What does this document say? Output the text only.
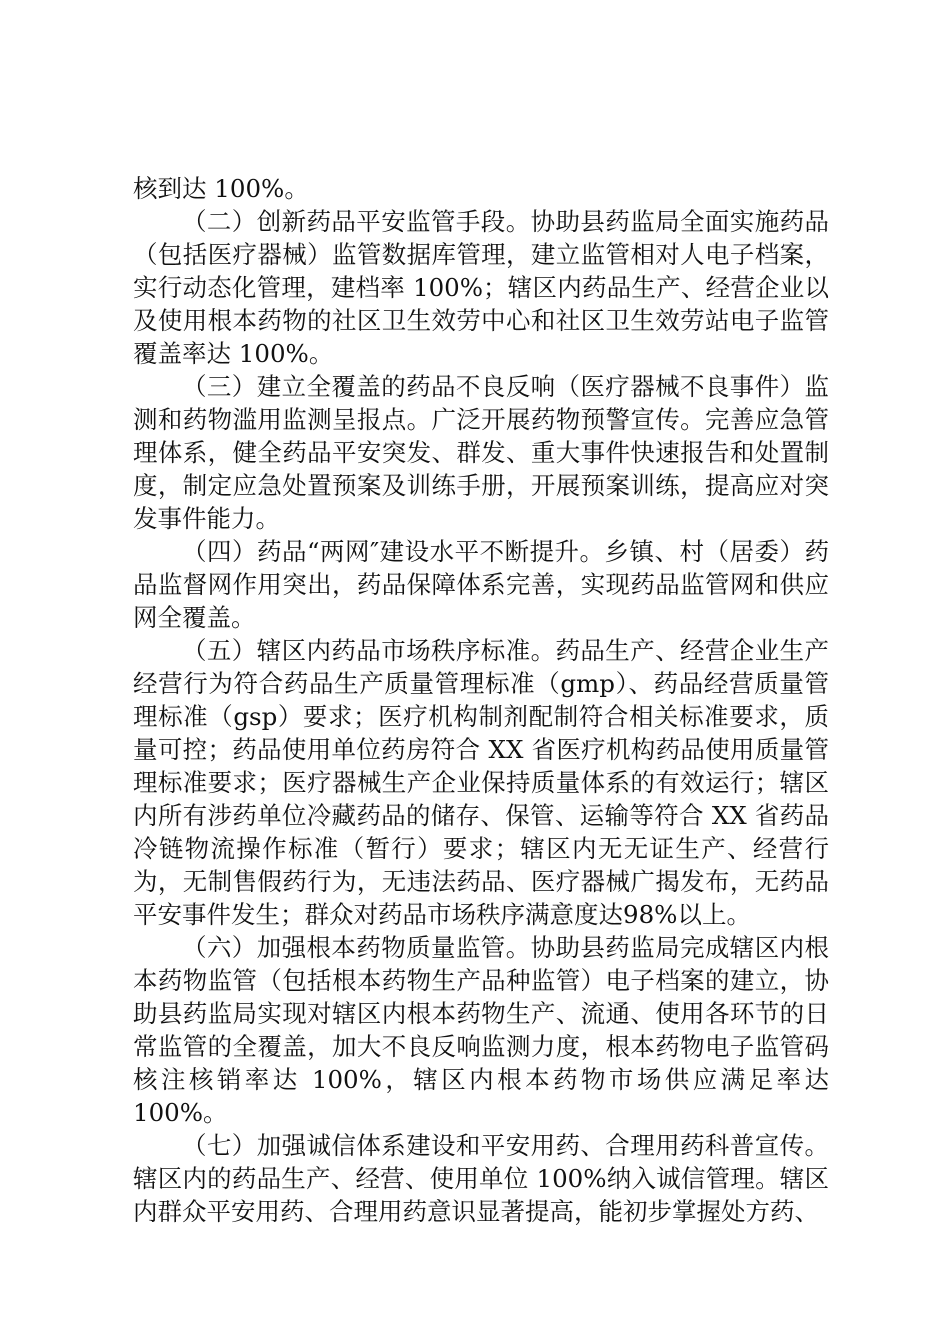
核到达 100%。

（二）创新药品平安监管手段。协助县药监局全面实施药品（包括医疗器械）监管数据库管理，建立监管相对人电子档案，实行动态化管理，建档率 100%；辖区内药品生产、经营企业以及使用根本药物的社区卫生效劳中心和社区卫生效劳站电子监管覆盖率达 100%。

（三）建立全覆盖的药品不良反响（医疗器械不良事件）监测和药物滥用监测呈报点。广泛开展药物预警宣传。完善应急管理体系，健全药品平安突发、群发、重大事件快速报告和处置制度，制定应急处置预案及训练手册，开展预案训练，提高应对突发事件能力。

（四）药品“两网″建设水平不断提升。乡镇、村（居委）药品监督网作用突出，药品保障体系完善，实现药品监管网和供应网全覆盖。

（五）辖区内药品市场秩序标准。药品生产、经营企业生产经营行为符合药品生产质量管理标准（gmp）、药品经营质量管理标准（gsp）要求；医疗机构制剂配制符合相关标准要求，质量可控；药品使用单位药房符合 XX 省医疗机构药品使用质量管理标准要求；医疗器械生产企业保持质量体系的有效运行；辖区内所有涉药单位冷藏药品的储存、保管、运输等符合 XX 省药品冷链物流操作标准（暂行）要求；辖区内无无证生产、经营行为，无制售假药行为，无违法药品、医疗器械广揭发布，无药品平安事件发生；群众对药品市场秩序满意度达98%以上。

（六）加强根本药物质量监管。协助县药监局完成辖区内根本药物监管（包括根本药物生产品种监管）电子档案的建立，协助县药监局实现对辖区内根本药物生产、流通、使用各环节的日常监管的全覆盖，加大不良反响监测力度，根本药物电子监管码核注核销率达 100%，辖区内根本药物市场供应满足率达 100%。

（七）加强诚信体系建设和平安用药、合理用药科普宣传。辖区内的药品生产、经营、使用单位 100%纳入诚信管理。辖区内群众平安用药、合理用药意识显著提高，能初步掌握处方药、
